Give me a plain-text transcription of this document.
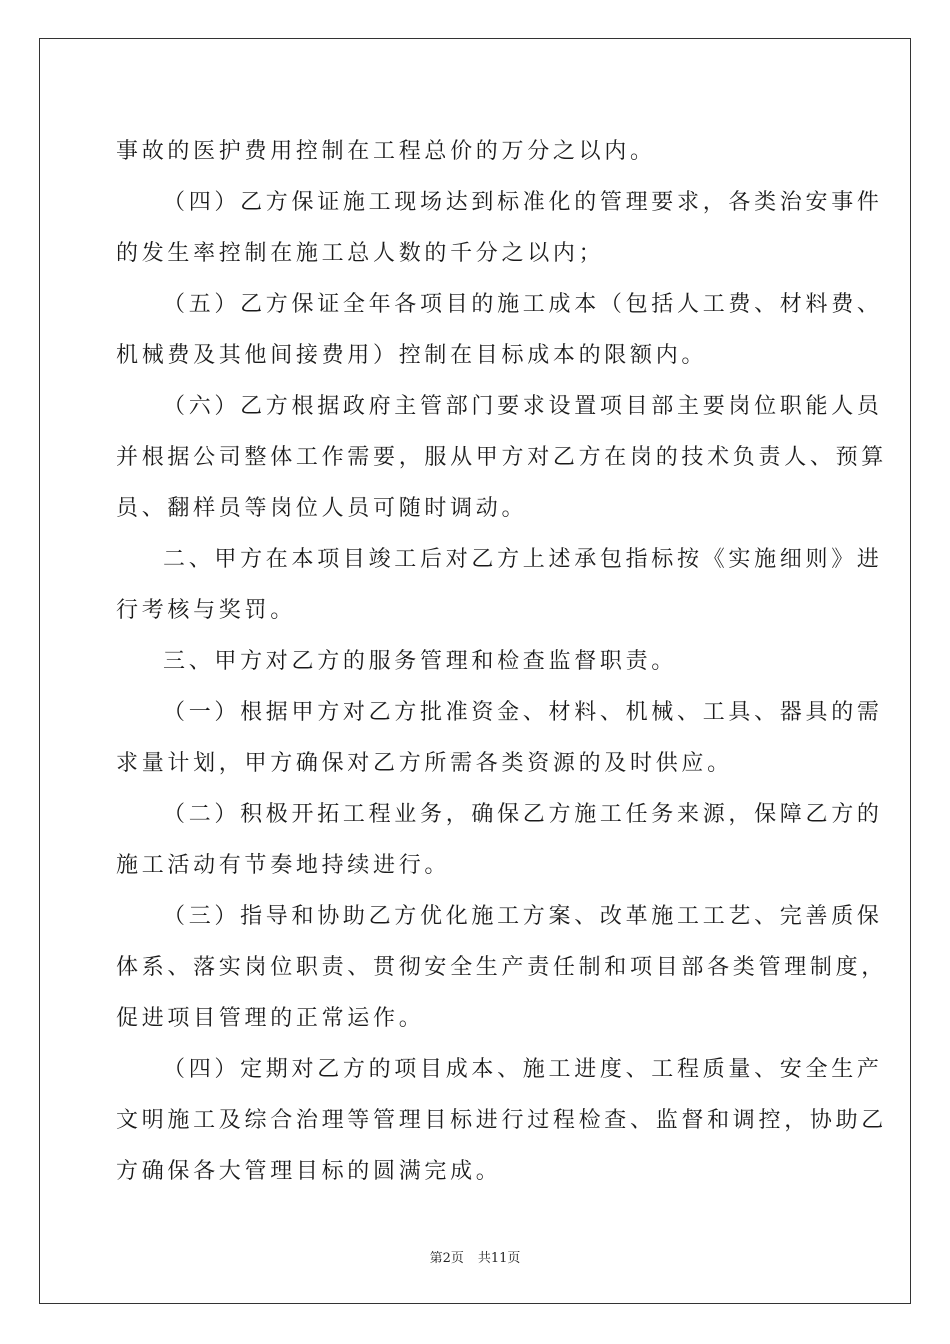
事故的医护费用控制在工程总价的万分之以内。
（四）乙方保证施工现场达到标准化的管理要求，各类治安事件
的发生率控制在施工总人数的千分之以内；
（五）乙方保证全年各项目的施工成本（包括人工费、材料费、
机械费及其他间接费用）控制在目标成本的限额内。
（六）乙方根据政府主管部门要求设置项目部主要岗位职能人员
并根据公司整体工作需要，服从甲方对乙方在岗的技术负责人、预算
员、翻样员等岗位人员可随时调动。
二、甲方在本项目竣工后对乙方上述承包指标按《实施细则》进
行考核与奖罚。
三、甲方对乙方的服务管理和检查监督职责。
（一）根据甲方对乙方批准资金、材料、机械、工具、器具的需
求量计划，甲方确保对乙方所需各类资源的及时供应。
（二）积极开拓工程业务，确保乙方施工任务来源，保障乙方的
施工活动有节奏地持续进行。
（三）指导和协助乙方优化施工方案、改革施工工艺、完善质保
体系、落实岗位职责、贯彻安全生产责任制和项目部各类管理制度，
促进项目管理的正常运作。
（四）定期对乙方的项目成本、施工进度、工程质量、安全生产
文明施工及综合治理等管理目标进行过程检查、监督和调控，协助乙
方确保各大管理目标的圆满完成。
第2页 共11页
